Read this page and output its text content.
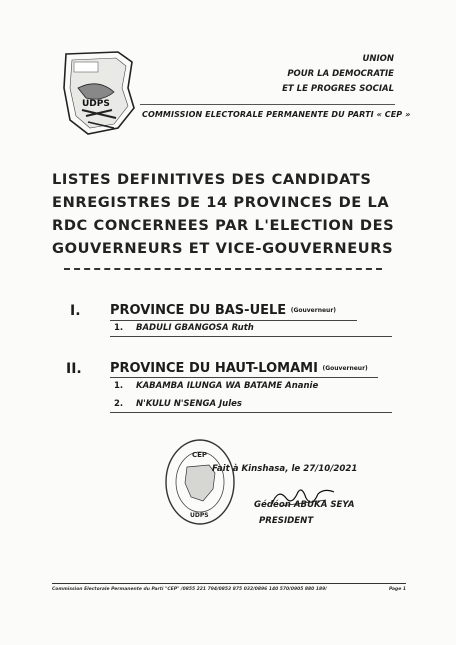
UDPS
UNION
POUR LA DEMOCRATIE
ET LE PROGRES SOCIAL
COMMISSION ELECTORALE PERMANENTE DU PARTI « CEP »
LISTES DEFINITIVES DES CANDIDATS
ENREGISTRES DE 14 PROVINCES DE LA
RDC CONCERNEES PAR L'ELECTION DES
GOUVERNEURS ET VICE-GOUVERNEURS
I. PROVINCE DU BAS-UELE (Gouverneur)
1. BADULI GBANGOSA Ruth
II. PROVINCE DU HAUT-LOMAMI (Gouverneur)
1. KABAMBA ILUNGA WA BATAME Ananie
2. N'KULU N'SENGA Jules
CEP
UDPS
Fait à Kinshasa, le 27/10/2021
Gédéon ABUKA SEYA
PRESIDENT
Commission Electorale Permanente du Parti "CEP" /0855 221 794/0853 875 032/0896 140 570/0905 880 189/	Page 1
